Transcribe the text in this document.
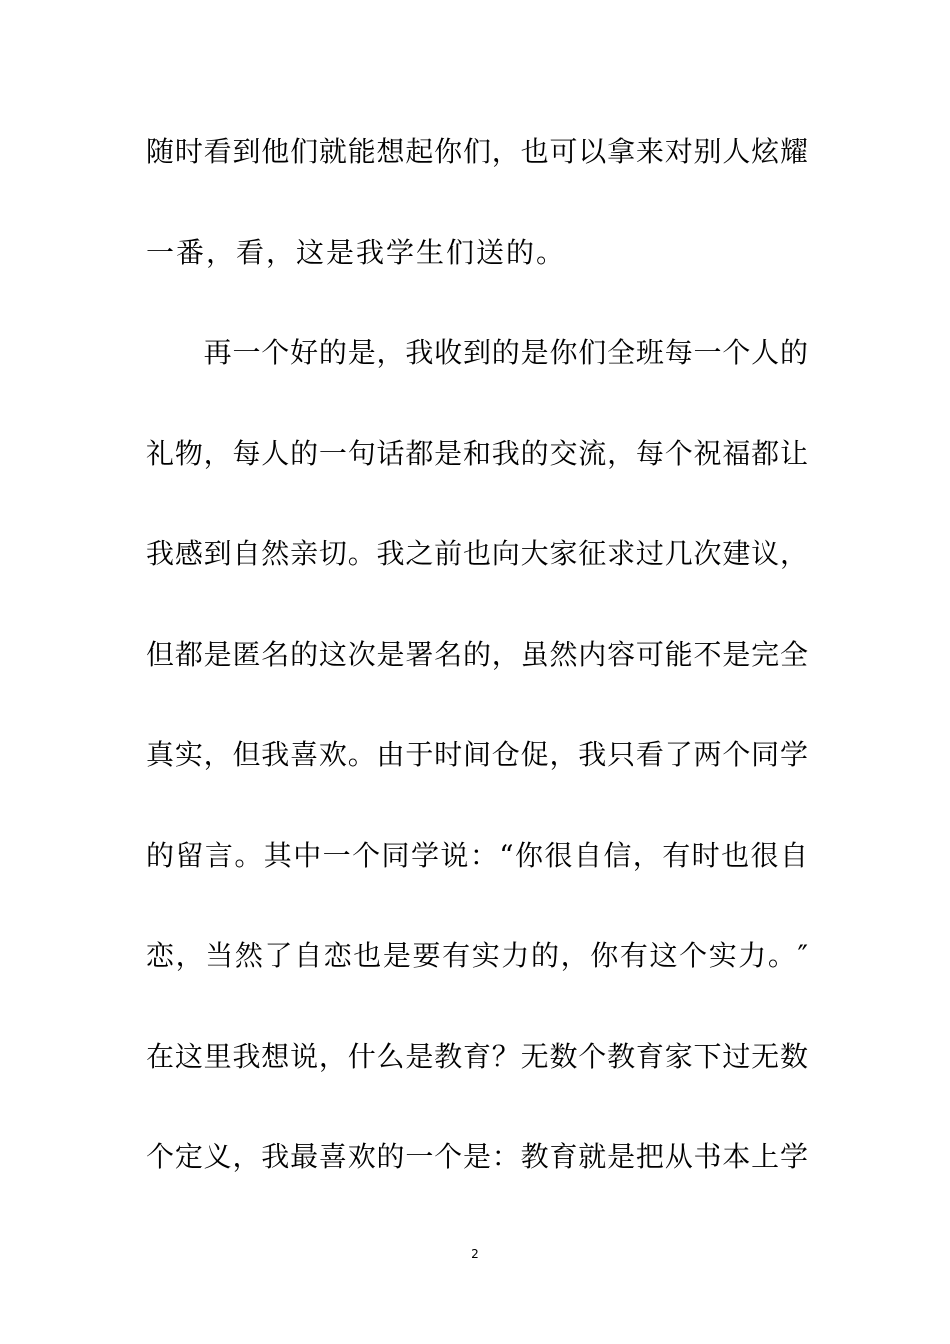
随时看到他们就能想起你们，也可以拿来对别人炫耀
一番，看，这是我学生们送的。
　　再一个好的是，我收到的是你们全班每一个人的
礼物，每人的一句话都是和我的交流，每个祝福都让
我感到自然亲切。我之前也向大家征求过几次建议，
但都是匿名的这次是署名的，虽然内容可能不是完全
真实，但我喜欢。由于时间仓促，我只看了两个同学
的留言。其中一个同学说：“你很自信，有时也很自
恋，当然了自恋也是要有实力的，你有这个实力。″
在这里我想说，什么是教育？无数个教育家下过无数
个定义，我最喜欢的一个是：教育就是把从书本上学
2
